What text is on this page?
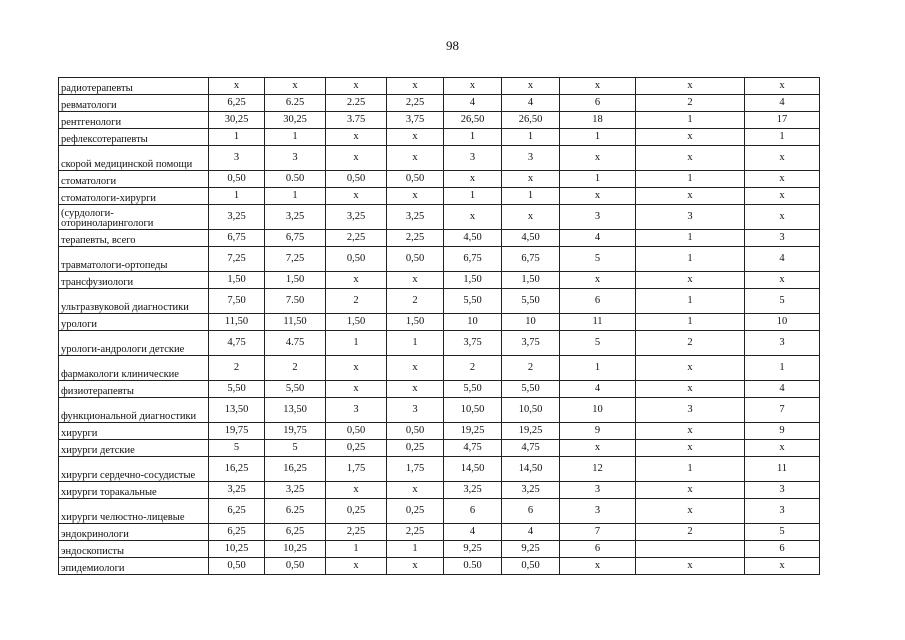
98
радиотерапевты	x	x	x	x	x	x	x	x	x
ревматологи	6,25	6.25	2.25	2,25	4	4	6	2	4
рентгенологи	30,25	30,25	3.75	3,75	26,50	26,50	18	1	17
рефлексотерапевты	1	1	x	x	1	1	1	x	1
скорой медицинской помощи	3	3	x	x	3	3	x	x	x
стоматологи	0,50	0.50	0,50	0,50	x	x	1	1	x
стоматологи-хирурги	1	1	x	x	1	1	x	x	x
(сурдологи-оториноларингологи	3,25	3,25	3,25	3,25	x	x	3	3	x
терапевты, всего	6,75	6,75	2,25	2,25	4,50	4,50	4	1	3
травматологи-ортопеды	7,25	7,25	0,50	0,50	6,75	6,75	5	1	4
трансфузиологи	1,50	1,50	x	x	1,50	1,50	x	x	x
ультразвуковой диагностики	7,50	7.50	2	2	5,50	5,50	6	1	5
урологи	11,50	11,50	1,50	1,50	10	10	11	1	10
урологи-андрологи детские	4,75	4.75	1	1	3,75	3,75	5	2	3
фармакологи клинические	2	2	x	x	2	2	1	x	1
физиотерапевты	5,50	5,50	x	x	5,50	5,50	4	x	4
функциональной диагностики	13,50	13,50	3	3	10,50	10,50	10	3	7
хирурги	19,75	19,75	0,50	0,50	19,25	19,25	9	x	9
хирурги детские	5	5	0,25	0,25	4,75	4,75	x	x	x
хирурги сердечно-сосудистые	16,25	16,25	1,75	1,75	14,50	14,50	12	1	11
хирурги торакальные	3,25	3,25	x	x	3,25	3,25	3	x	3
хирурги челюстно-лицевые	6,25	6.25	0,25	0,25	6	6	3	x	3
эндокринологи	6,25	6,25	2,25	2,25	4	4	7	2	5
эндоскописты	10,25	10,25	1	1	9,25	9,25	6		6
эпидемиологи	0,50	0,50	x	x	0.50	0,50	x	x	x
